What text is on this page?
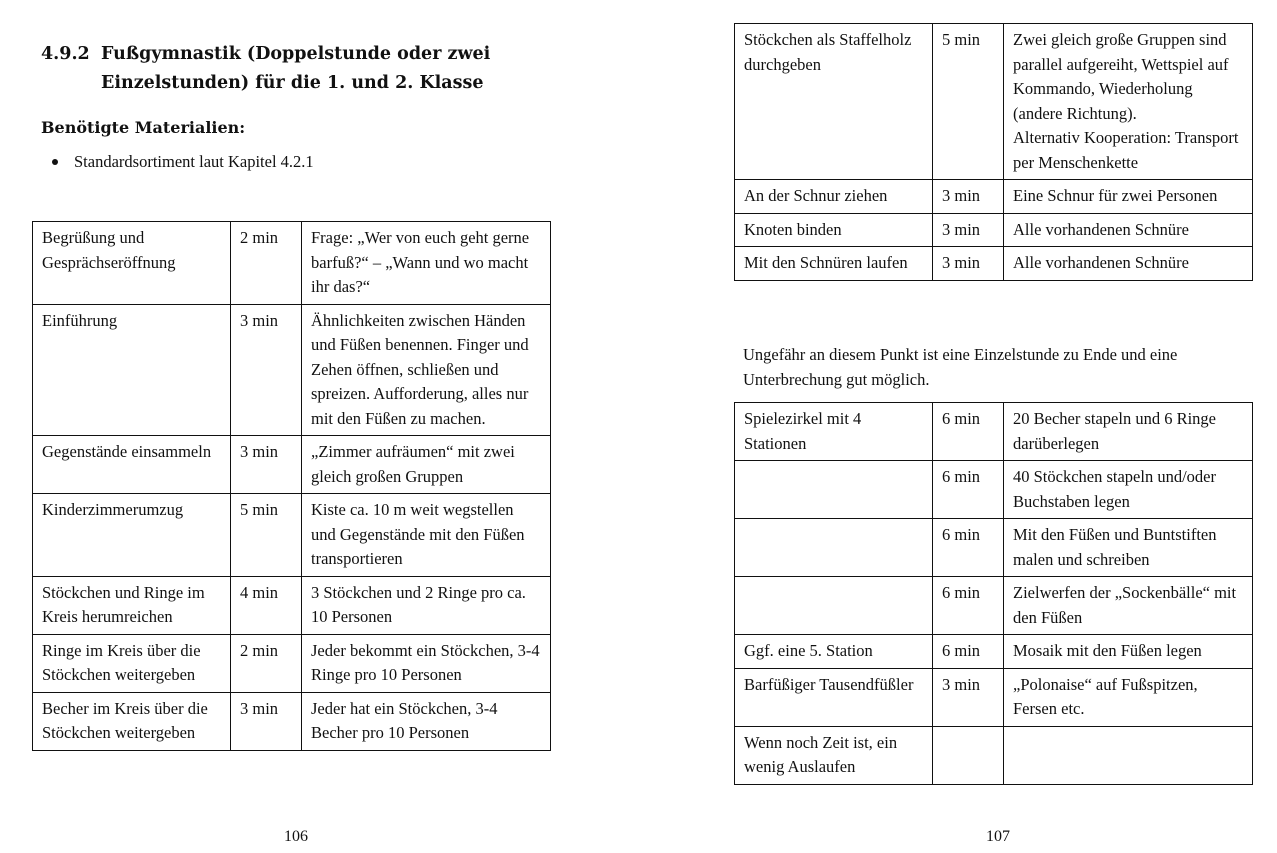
4.9.2 Fußgymnastik (Doppelstunde oder zwei
Einzelstunden) für die 1. und 2. Klasse
Benötigte Materialien:
Standardsortiment laut Kapitel 4.2.1
Begrüßung und Gesprächseröffnung	2 min	Frage: „Wer von euch geht gerne barfuß?“ – „Wann und wo macht ihr das?“
Einführung	3 min	Ähnlichkeiten zwischen Händen und Füßen benennen. Finger und Zehen öffnen, schließen und spreizen. Aufforderung, alles nur mit den Füßen zu machen.
Gegenstände einsammeln	3 min	„Zimmer aufräumen“ mit zwei gleich großen Gruppen
Kinderzimmerumzug	5 min	Kiste ca. 10 m weit wegstellen und Gegenstände mit den Füßen transportieren
Stöckchen und Ringe im Kreis herumreichen	4 min	3 Stöckchen und 2 Ringe pro ca. 10 Personen
Ringe im Kreis über die Stöckchen weitergeben	2 min	Jeder bekommt ein Stöckchen, 3-4 Ringe pro 10 Personen
Becher im Kreis über die Stöckchen weitergeben	3 min	Jeder hat ein Stöckchen, 3-4 Becher pro 10 Personen
106
Stöckchen als Staffelholz durchgeben	5 min	Zwei gleich große Gruppen sind parallel aufgereiht, Wettspiel auf Kommando, Wiederholung (andere Richtung).
Alternativ Kooperation: Transport per Menschenkette

An der Schnur ziehen	3 min	Eine Schnur für zwei Personen
Knoten binden	3 min	Alle vorhandenen Schnüre
Mit den Schnüren laufen	3 min	Alle vorhandenen Schnüre
Ungefähr an diesem Punkt ist eine Einzelstunde zu Ende und eine Unterbrechung gut möglich.
Spielezirkel mit 4 Stationen	6 min	20 Becher stapeln und 6 Ringe darüberlegen
	6 min	40 Stöckchen stapeln und/oder Buchstaben legen
	6 min	Mit den Füßen und Buntstiften malen und schreiben
	6 min	Zielwerfen der „Sockenbälle“ mit den Füßen
Ggf. eine 5. Station	6 min	Mosaik mit den Füßen legen
Barfüßiger Tausendfüßler	3 min	„Polonaise“ auf Fußspitzen, Fersen etc.
Wenn noch Zeit ist, ein wenig Auslaufen		
107
